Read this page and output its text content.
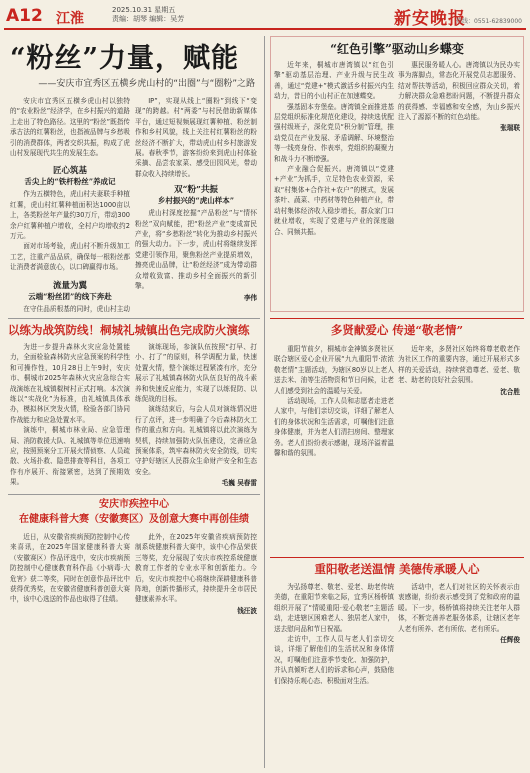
A12 江淮
2025.10.31 星期五
责编：胡琴 编辑：吴芳	新安晚报
热线：0551-62839000
“粉丝”力量，赋能
——安庆市宜秀区五横乡虎山村的“出圈”与“圈粉”之路

安庆市宜秀区五横乡虎山村以独特的“农业粉丝”经济学，在乡村振兴的道路上走出了特色路径。这里的“粉丝”既指传承古法的红薯粉丝，也指被品牌与乡愁吸引的消费群体，两者交织共振，构成了虎山村发展现代共生的发展生态。

匠心筑基
舌尖上的“铁杆粉丝”养成记

作为五横特色，虎山村夫妻联手种植红薯，虎山村红薯种植面积达1000亩以上，各类粉丝年产量约30万斤，带动300余户红薯种植户增收，全村户均增收约2万元。

面对市场考验，虎山村不断升级加工工艺，注重产品品质，确保每一根粉丝都让消费者满意放心，以口碑赢得市场。

流量为翼
云端“粉丝团”的线下奔赴

在守住品质根基的同时，虎山村主动

IP”，实现从线上“圈粉”到线下“变现”的跨越。村“两委”与村民借助新媒体平台，通过短视频展现红薯种植、粉丝制作和乡村风貌，线上关注村红薯粉丝的粉丝经济不断扩大，带动虎山村乡村旅游发展。春秋季节，游客纷纷来到虎山村体验采摘、品尝农家菜、感受田园风光，带动群众收入持续增长。

双“粉”共振
乡村振兴的“虎山样本”

虎山村深度挖掘“产品粉丝”与“情怀粉丝”双向赋能，把“粉丝产业”变成富民产业，将“乡愁粉丝”转化为推动乡村振兴的强大动力。下一步，虎山村将继续发挥党建引领作用，聚焦粉丝产业提质增效，擦亮虎山品牌，让“粉丝经济”成为带动群众增收致富、推动乡村全面振兴的新引擎。

李伟
以练为战筑防线！桐城礼城镇出色完成防火演练

为进一步提升森林火灾应急处置能力，全面检验森林防火应急预案的科学性和可操作性，10月28日上午9时，安庆市、桐城市2025年森林火灾应急综合实战演练在礼城镇椒树村正式打响。本次演练以“实战化”为标准，由礼城镇具体承办，模拟林区突发火情，检验各部门协同作战能力和应急处置水平。

演练中，桐城市林业局、应急管理局、消防救援大队、礼城镇等单位迅速响应，按照预案分工开展火情侦察、人员疏散、火场扑救、隐患排查等科目，各项工作有序展开、衔接紧密，达到了预期效果。

演练现场，参演队伍按照“打早、打小、打了”的原则，科学调配力量，快速处置火情，整个演练过程紧凑有序，充分展示了礼城镇森林防火队伍良好的战斗素养和快速反应能力，实现了以练促防、以练促战的目标。

演练结束后，与会人员对演练情况进行了点评，进一步明确了今后森林防火工作的重点和方向。礼城镇将以此次演练为契机，持续加强防火队伍建设，完善应急预案体系，筑牢森林防火安全防线，切实守护好辖区人民群众生命财产安全和生态安全。

毛巍 吴春雷
安庆市疾控中心
在健康科普大赛（安徽赛区）及创意大赛中再创佳绩

近日，从安徽省疾病预防控制中心传来喜讯，在2025年国家健康科普大赛（安徽赛区）作品评选中，安庆市疾病预防控制中心健康教育科作品《小病毒·大危害》获二等奖，同时在创意作品评比中获得优秀奖，在安徽省健康科普创意大赛中，该中心选送的作品也取得了佳绩。

此外，在2025年安徽省疾病预防控制系统健康科普大赛中，该中心作品荣获三等奖，充分展现了安庆市疾控系统健康教育工作者的专业水平和创新能力。今后，安庆市疾控中心将继续深耕健康科普阵地，创新传播形式，持续提升全市居民健康素养水平。

钱汪波
“红色引擎”驱动山乡蝶变

近年来，桐城市唐湾镇以“红色引擎”驱动基层治理、产业升级与民生改善，通过“党建+”模式激活乡村振兴内生动力，昔日的小山村正在加速蝶变。

强基固本夯堡垒。唐湾镇全面推进基层党组织标准化规范化建设，持续选优配强村级班子，深化党员“积分制”管理，推动党员在产业发展、矛盾调解、环境整治等一线亮身份、作表率，党组织的凝聚力和战斗力不断增强。

产业融合促振兴。唐湾镇以“党建+产业”为抓手，立足特色农业资源，采取“村集体+合作社+农户”的模式，发展茶叶、蔬菜、中药材等特色种植产业，带动村集体经济收入稳步增长，群众家门口就业增收，实现了党建与产业的深度融合、同频共振。

惠民服务暖人心。唐湾镇以为民办实事为落脚点，常态化开展党员志愿服务、结对帮扶等活动，积极回应群众关切，着力解决群众急难愁盼问题，不断提升群众的获得感、幸福感和安全感，为山乡振兴注入了源源不断的红色动能。

张瑞联
多贤献爱心 传递“敬老情”

重阳节前夕，桐城市金神镇多贤社区联合辖区爱心企业开展“九九重阳节·浓浓敬老情”主题活动，为辖区80岁以上老人送去米、油等生活物资和节日问候，让老人们感受到社会的温暖与关爱。

活动现场，工作人员和志愿者走进老人家中，与他们亲切交谈，详细了解老人们的身体状况和生活需求，叮嘱他们注意身体健康，并为老人们清扫房间、整理家务。老人们纷纷表示感谢，现场洋溢着温馨和谐的氛围。

近年来，多贤社区始终将尊老敬老作为社区工作的重要内容，通过开展形式多样的关爱活动，持续营造尊老、爱老、敬老、助老的良好社会氛围。

沈合胜
重阳敬老送温情 美德传承暖人心

为弘扬尊老、敬老、爱老、助老传统美德，在重阳节来临之际，宜秀区杨桥镇组织开展了“情暖重阳·爱心敬老”主题活动，走进辖区困难老人、独居老人家中，送去慰问品和节日祝福。

走访中，工作人员与老人们亲切交谈，详细了解他们的生活状况和身体情况，叮嘱他们注意季节变化、加强防护，并认真倾听老人们的诉求和心声，鼓励他们保持乐观心态、积极面对生活。

活动中，老人们对社区的关怀表示由衷感谢，纷纷表示感受到了党和政府的温暖。下一步，杨桥镇将持续关注老年人群体，不断完善养老服务体系，让辖区老年人老有所养、老有所依、老有所乐。

任辉俊
